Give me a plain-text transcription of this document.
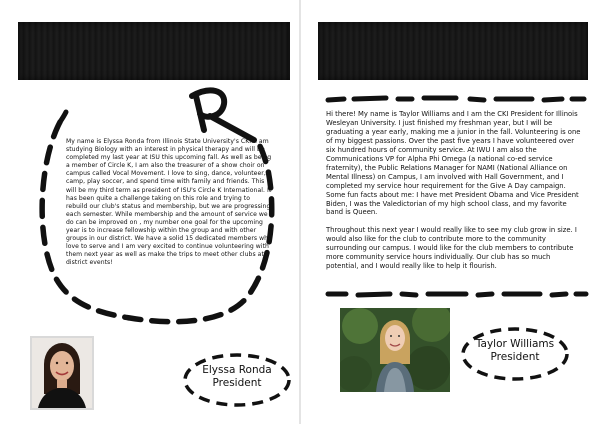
My name is Elyssa Ronda from Illinois State University's CKI. I am studying Biology with an interest in physical therapy and will be completed my last year at ISU this upcoming fall. As well as being a member of Circle K, I am also the treasurer of a show choir on campus called Vocal Movement. I love to sing, dance, volunteer, camp, play soccer, and spend time with family and friends. This will be my third term as president of ISU's Circle K International. It has been quite a challenge taking on this role and trying to rebuild our club's status and membership, but we are progressing each semester. While membership and the amount of service we do can be improved on , my number one goal for the upcoming year is to increase fellowship within the group and with other groups in our district. We have a solid 15 dedicated members who love to serve and I am very excited to continue volunteering with them next year as well as make the trips to meet other clubs at district events!

Elyssa Ronda
President

Hi there! My name is Taylor Williams and I am the CKI President for Illinois Wesleyan University. I just finished my freshman year, but I will be graduating a year early, making me a junior in the fall. Volunteering is one of my biggest passions. Over the past five years I have volunteered over six hundred hours of community service. At IWU I am also the Communications VP for Alpha Phi Omega (a national co-ed service fraternity), the Public Relations Manager for NAMI (National Alliance on Mental Illness) on Campus, I am involved with Hall Government, and I completed my service hour requirement for the Give A Day campaign. Some fun facts about me: I have met President Obama and Vice President Biden, I was the Valedictorian of my high school class, and my favorite band is Queen.

Throughout this next year I would really like to see my club grow in size. I would also like for the club to contribute more to the community surrounding our campus. I would like for the club members to contribute more community service hours individually. Our club has so much potential, and I would really like to help it flourish.

Taylor Williams
President
